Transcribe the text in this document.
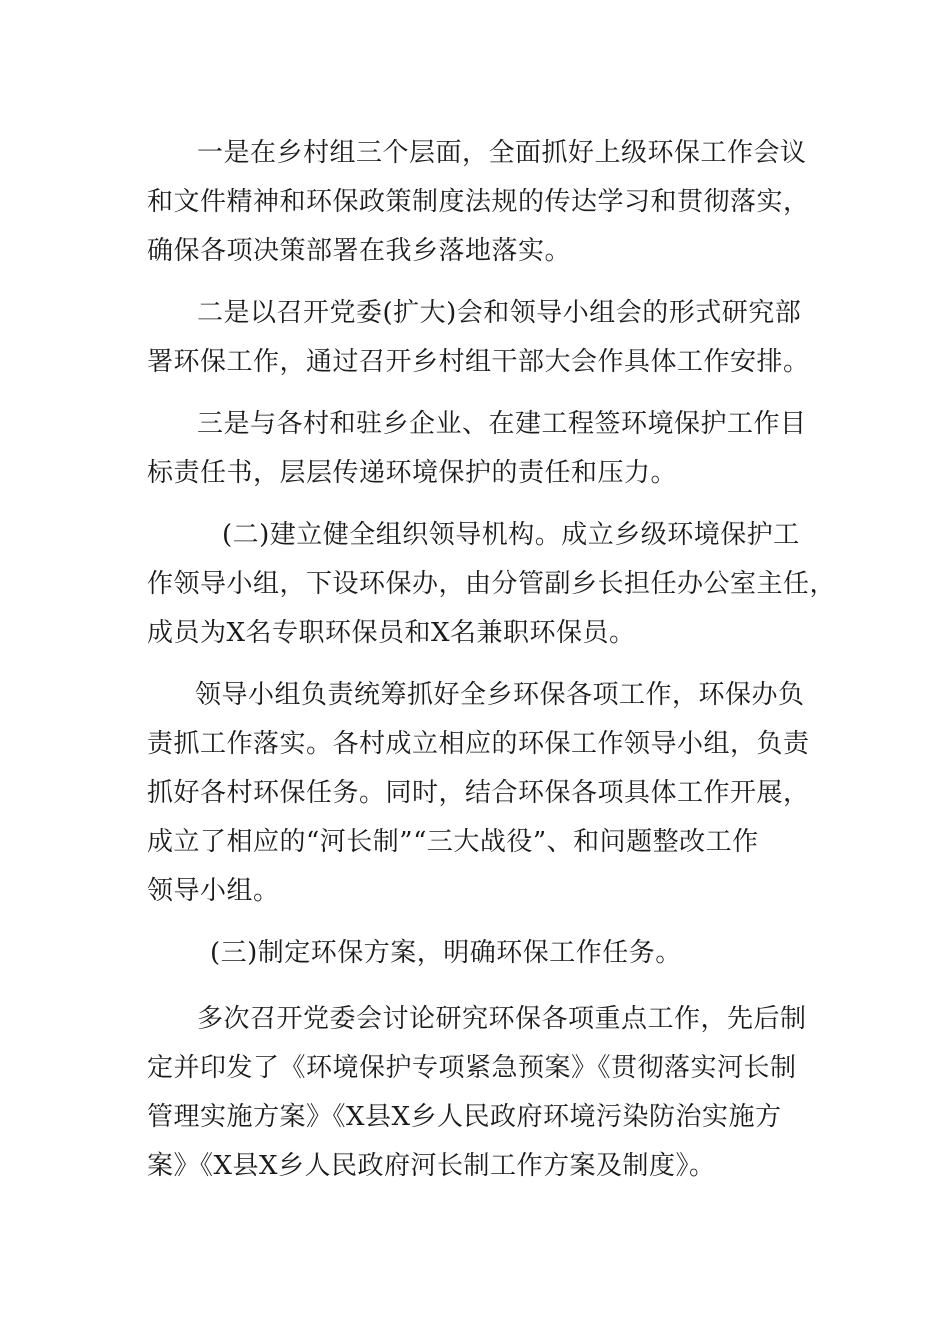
一是在乡村组三个层面，全面抓好上级环保工作会议
和文件精神和环保政策制度法规的传达学习和贯彻落实，
确保各项决策部署在我乡落地落实。
二是以召开党委(扩大)会和领导小组会的形式研究部
署环保工作，通过召开乡村组干部大会作具体工作安排。
三是与各村和驻乡企业、在建工程签环境保护工作目
标责任书，层层传递环境保护的责任和压力。
(二)建立健全组织领导机构。成立乡级环境保护工
作领导小组，下设环保办，由分管副乡长担任办公室主任，
成员为X名专职环保员和X名兼职环保员。
领导小组负责统筹抓好全乡环保各项工作，环保办负
责抓工作落实。各村成立相应的环保工作领导小组，负责
抓好各村环保任务。同时，结合环保各项具体工作开展，
成立了相应的“河长制”“三大战役”、和问题整改工作
领导小组。
(三)制定环保方案，明确环保工作任务。
多次召开党委会讨论研究环保各项重点工作，先后制
定并印发了《环境保护专项紧急预案》《贯彻落实河长制
管理实施方案》《X县X乡人民政府环境污染防治实施方
案》《X县X乡人民政府河长制工作方案及制度》。
